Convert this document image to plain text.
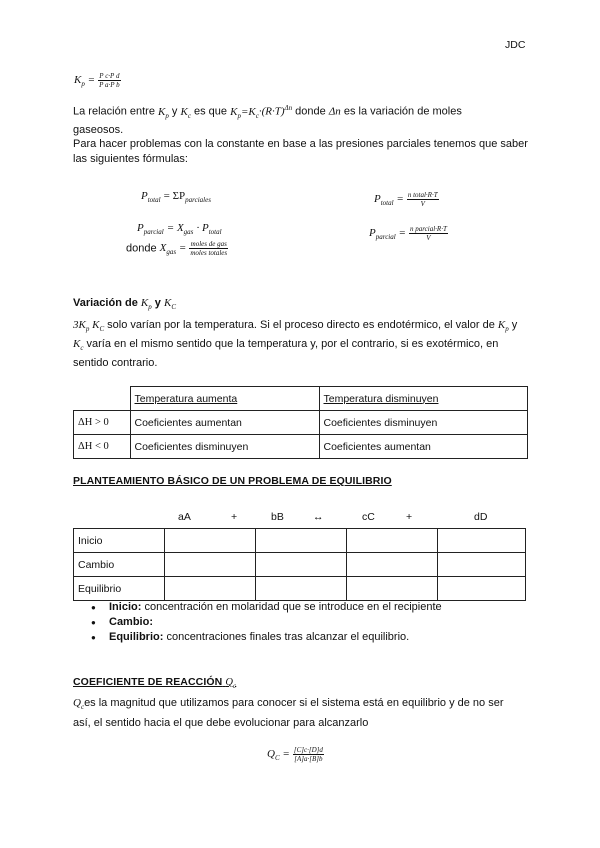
JDC
$K_p = \frac{\text{P c·P d}}{\text{P a·P b}}$
La relación entre $K_p$ y $K_c$ es que $K_p=K_c\cdot(R\cdot T)^{\Delta n}$ donde Δn es la variación de moles
gaseosos.
Para hacer problemas con la constante en base a las presiones parciales tenemos que saber las siguientes fórmulas:
$P_{total} = \Sigma P_{parciales}$	$P_{total} = \frac{\text{n total·R·T}}{V}$
$P_{parcial} = X_{gas} \cdot P_{total}$
donde $X_{gas} = \frac{\text{moles de gas}}{\text{moles totales}}$
$P_{parcial} = \frac{\text{n parcial·R·T}}{V}$
Variación de $K_p$ y $K_C$
$3K_p$ $K_C$ solo varían por la temperatura. Si el proceso directo es endotérmico, el valor de $K_p$ y
$K_c$ varía en el mismo sentido que la temperatura y, por el contrario, si es exotérmico, en
sentido contrario.
	Temperatura aumenta	Temperatura disminuyen
ΔH > 0	Coeficientes aumentan	Coeficientes disminuyen
ΔH < 0	Coeficientes disminuyen	Coeficientes aumentan
PLANTEAMIENTO BÁSICO DE UN PROBLEMA DE EQUILIBRIO
aA	+	bB	↔	cC	+	dD
Inicio				
Cambio				
Equilibrio				
● Inicio: concentración en molaridad que se introduce en el recipiente
● Cambio:
● Equilibrio: concentraciones finales tras alcanzar el equilibrio.
COEFICIENTE DE REACCIÓN $Q_c$
$Q_ces$ la magnitud que utilizamos para conocer si el sistema está en equilibrio y de no ser
así, el sentido hacia el que debe evolucionar para alcanzarlo
$Q_C = \frac{[C]c\cdot[D]d}{[A]a\cdot[B]b}$
